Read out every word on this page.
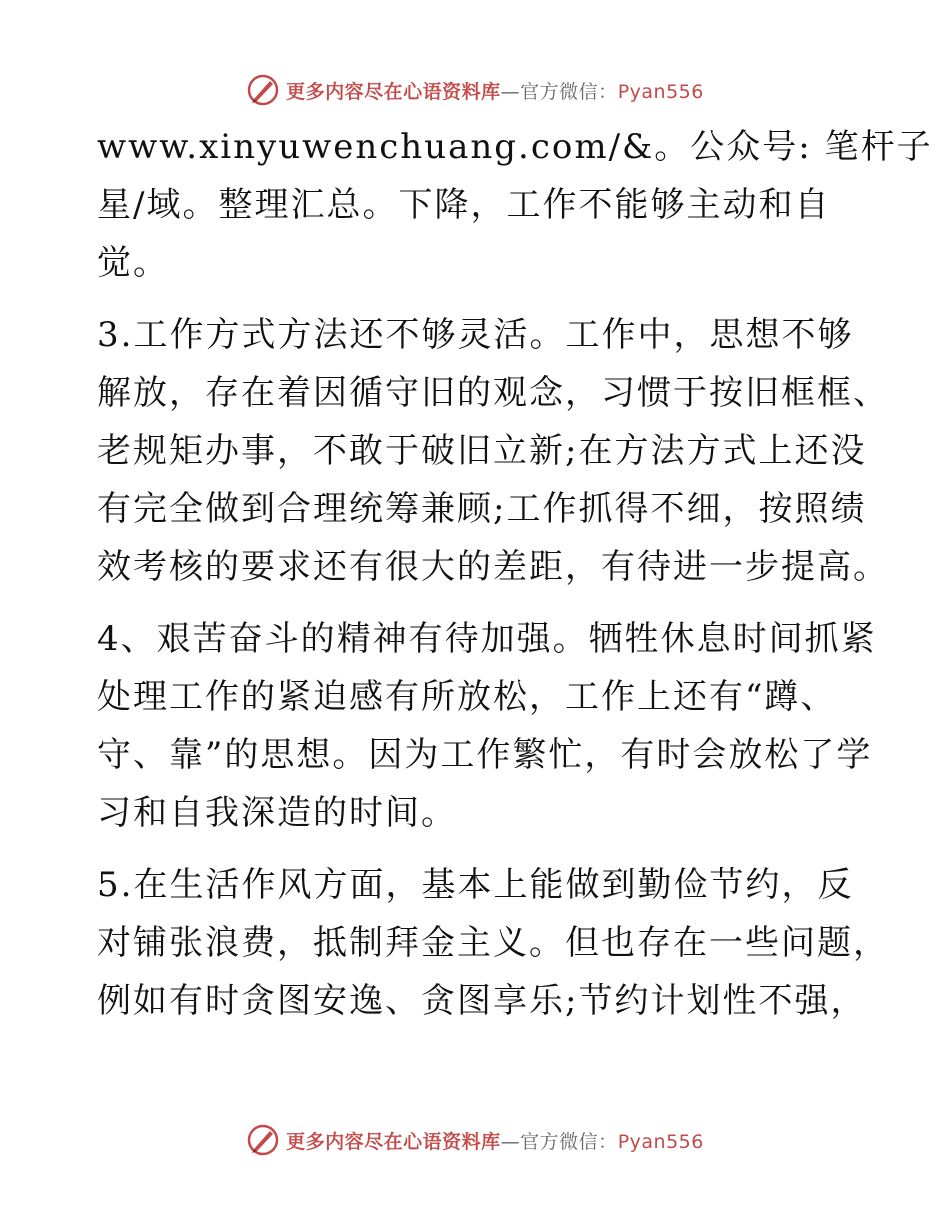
更多内容尽在心语资料库—官方微信：Pyan556

www.xinyuwenchuang.com/&。公众号: 笔杆子
星/域。整理汇总。下降，工作不能够主动和自
觉。

3.工作方式方法还不够灵活。工作中，思想不够
解放，存在着因循守旧的观念，习惯于按旧框框、
老规矩办事，不敢于破旧立新;在方法方式上还没
有完全做到合理统筹兼顾;工作抓得不细，按照绩
效考核的要求还有很大的差距，有待进一步提高。

4、艰苦奋斗的精神有待加强。牺牲休息时间抓紧
处理工作的紧迫感有所放松，工作上还有“蹲、
守、靠”的思想。因为工作繁忙，有时会放松了学
习和自我深造的时间。

5.在生活作风方面，基本上能做到勤俭节约，反
对铺张浪费，抵制拜金主义。但也存在一些问题，
例如有时贪图安逸、贪图享乐;节约计划性不强，

更多内容尽在心语资料库—官方微信：Pyan556
